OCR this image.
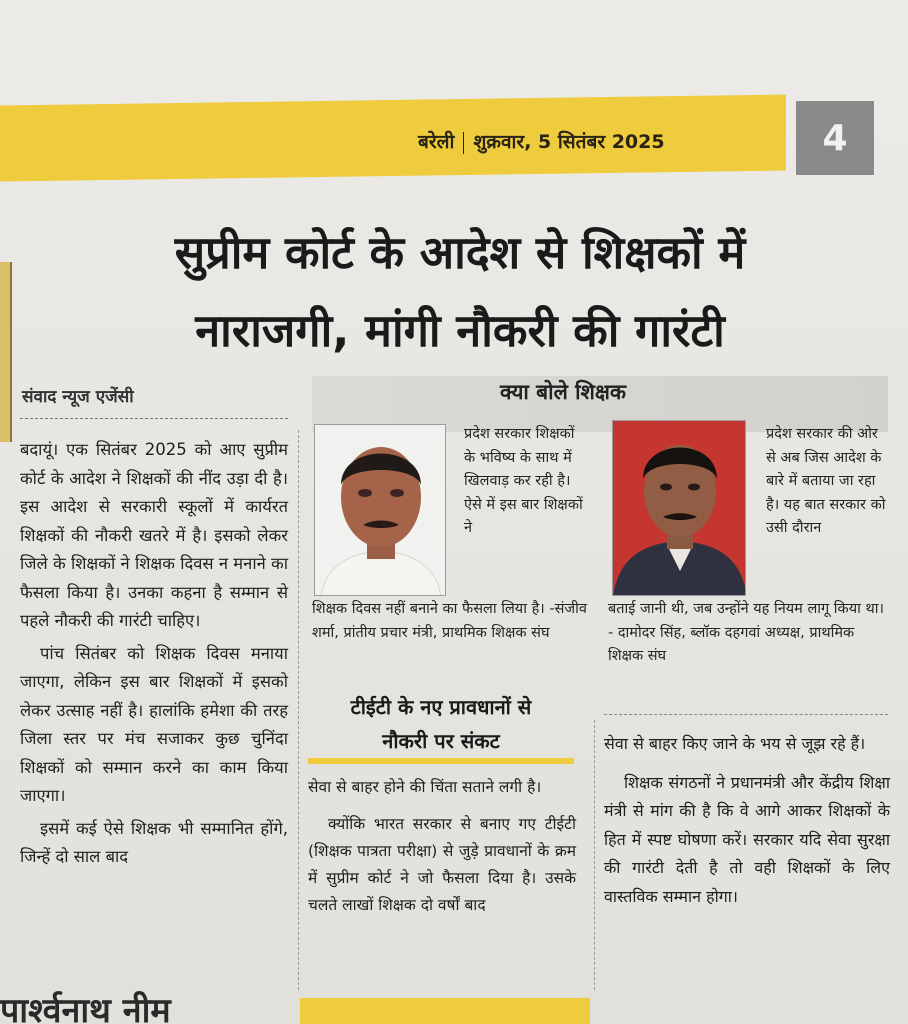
बरेली शुक्रवार, 5 सितंबर 2025	4
सुप्रीम कोर्ट के आदेश से शिक्षकों में
नाराजगी, मांगी नौकरी की गारंटी
संवाद न्यूज एजेंसी

बदायूं। एक सितंबर 2025 को आए सुप्रीम कोर्ट के आदेश ने शिक्षकों की नींद उड़ा दी है। इस आदेश से सरकारी स्कूलों में कार्यरत शिक्षकों की नौकरी खतरे में है। इसको लेकर जिले के शिक्षकों ने शिक्षक दिवस न मनाने का फैसला किया है। उनका कहना है सम्मान से पहले नौकरी की गारंटी चाहिए।

पांच सितंबर को शिक्षक दिवस मनाया जाएगा, लेकिन इस बार शिक्षकों में इसको लेकर उत्साह नहीं है। हालांकि हमेशा की तरह जिला स्तर पर मंच सजाकर कुछ चुनिंदा शिक्षकों को सम्मान करने का काम किया जाएगा।

इसमें कई ऐसे शिक्षक भी सम्मानित होंगे, जिन्हें दो साल बाद

क्या बोले शिक्षक
प्रदेश सरकार शिक्षकों के भविष्य के साथ में खिलवाड़ कर रही है। ऐसे में इस बार शिक्षकों ने
शिक्षक दिवस नहीं बनाने का फैसला लिया है। -संजीव शर्मा, प्रांतीय प्रचार मंत्री, प्राथमिक शिक्षक संघ
प्रदेश सरकार की ओर से अब जिस आदेश के बारे में बताया जा रहा है। यह बात सरकार को उसी दौरान
बताई जानी थी, जब उन्होंने यह नियम लागू किया था। - दामोदर सिंह, ब्लॉक दहगवां अध्यक्ष, प्राथमिक शिक्षक संघ
टीईटी के नए प्रावधानों से
नौकरी पर संकट

सेवा से बाहर होने की चिंता सताने लगी है।

क्योंकि भारत सरकार से बनाए गए टीईटी (शिक्षक पात्रता परीक्षा) से जुड़े प्रावधानों के क्रम में सुप्रीम कोर्ट ने जो फैसला दिया है। उसके चलते लाखों शिक्षक दो वर्षों बाद

सेवा से बाहर किए जाने के भय से जूझ रहे हैं।

शिक्षक संगठनों ने प्रधानमंत्री और केंद्रीय शिक्षा मंत्री से मांग की है कि वे आगे आकर शिक्षकों के हित में स्पष्ट घोषणा करें। सरकार यदि सेवा सुरक्षा की गारंटी देती है तो वही शिक्षकों के लिए वास्तविक सम्मान होगा।

पार्श्वनाथ नीम
